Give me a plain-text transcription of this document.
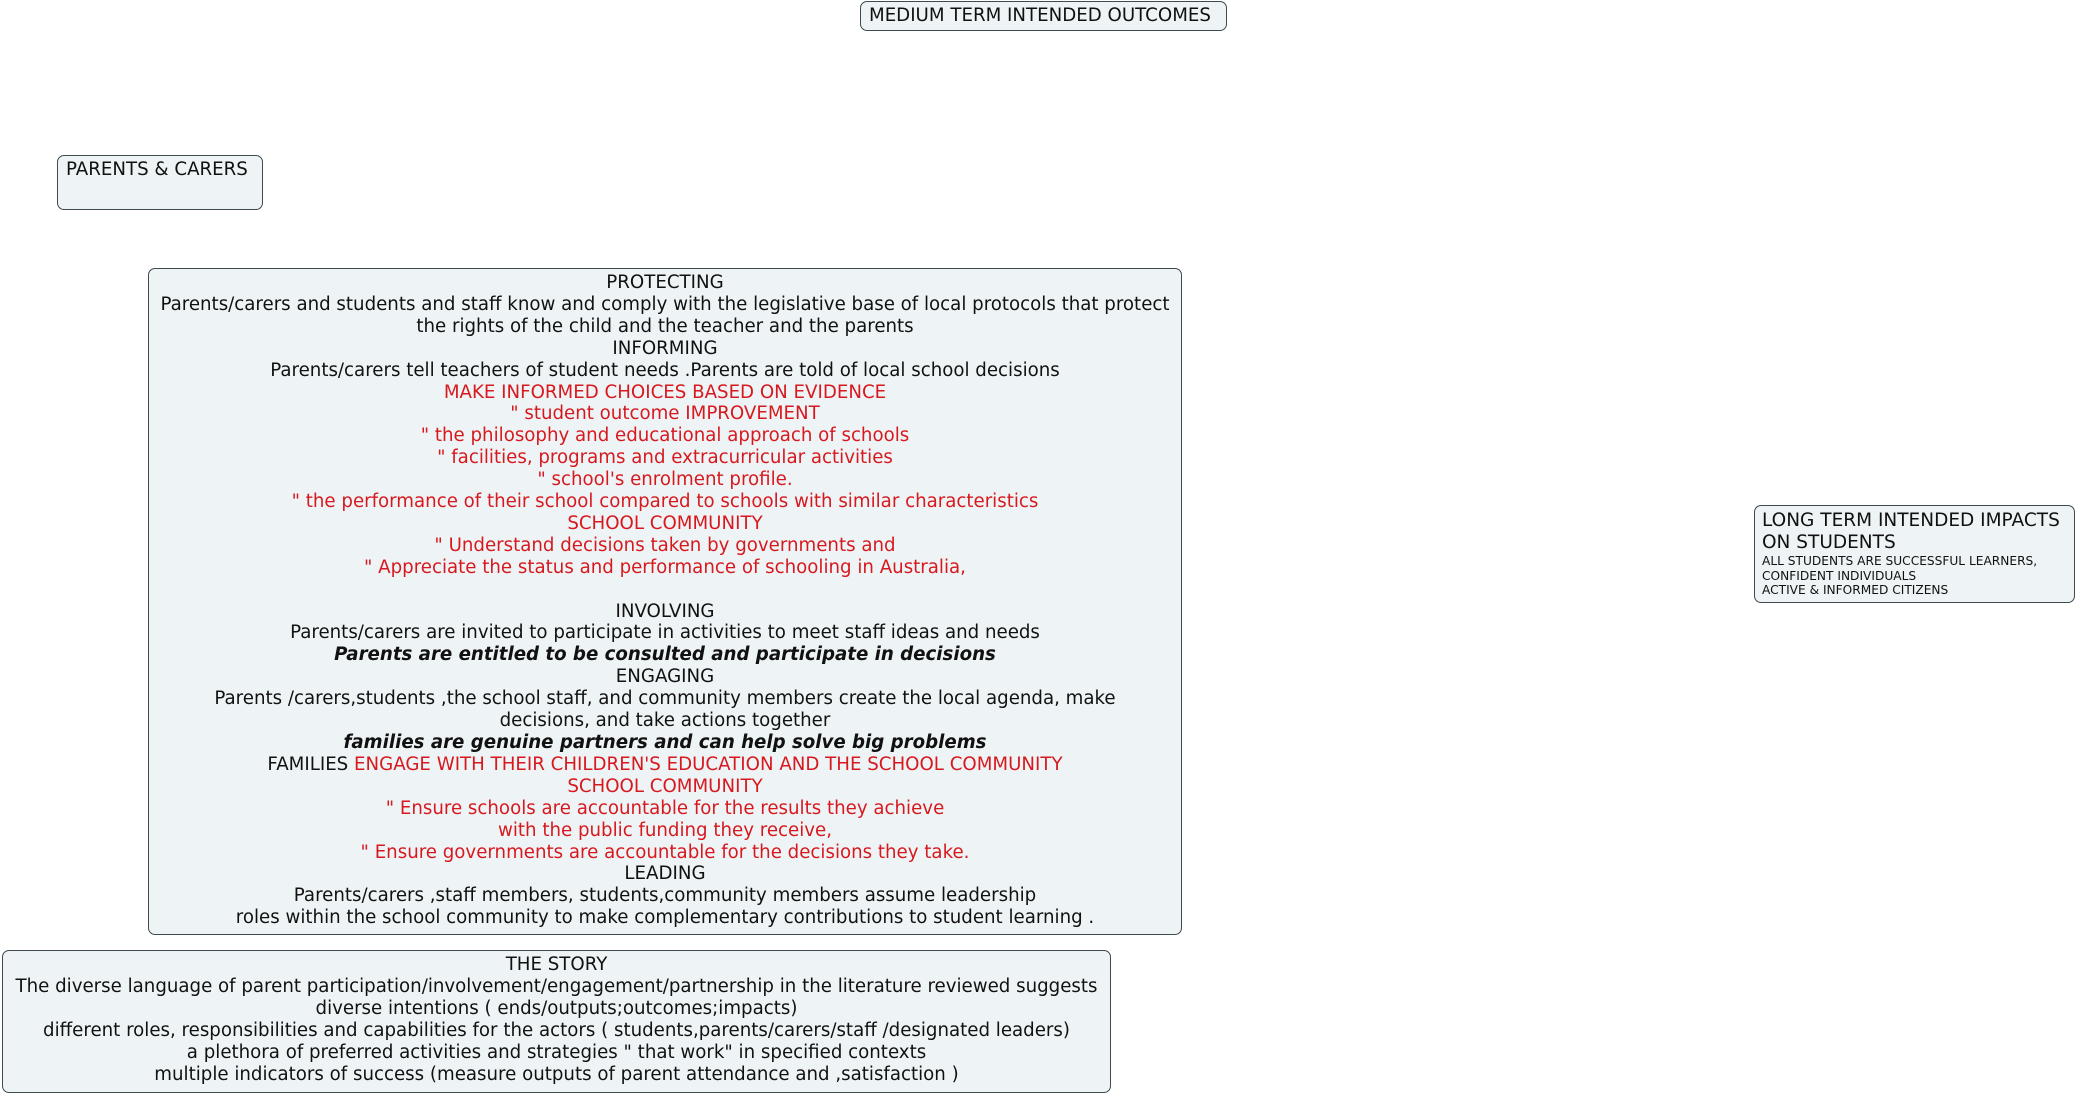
MEDIUM TERM INTENDED OUTCOMES
PARENTS & CARERS
LONG TERM INTENDED IMPACTS
ON STUDENTS
ALL STUDENTS ARE SUCCESSFUL LEARNERS,
CONFIDENT INDIVIDUALS
ACTIVE & INFORMED CITIZENS
PROTECTING
Parents/carers and students and staff know and comply with the legislative base of local protocols that protect
the rights of the child and the teacher and the parents
INFORMING
Parents/carers tell teachers of student needs .Parents are told of local school decisions
MAKE INFORMED CHOICES BASED ON EVIDENCE
" student outcome IMPROVEMENT
" the philosophy and educational approach of schools
" facilities, programs and extracurricular activities
" school's enrolment profile.
" the performance of their school compared to schools with similar characteristics
SCHOOL COMMUNITY
" Understand decisions taken by governments and
" Appreciate the status and performance of schooling in Australia,
INVOLVING
Parents/carers are invited to participate in activities to meet staff ideas and needs
Parents are entitled to be consulted and participate in decisions
ENGAGING
Parents /carers,students ,the school staff, and community members create the local agenda, make
decisions, and take actions together
families are genuine partners and can help solve big problems
FAMILIES ENGAGE WITH THEIR CHILDREN'S EDUCATION AND THE SCHOOL COMMUNITY
SCHOOL COMMUNITY
" Ensure schools are accountable for the results they achieve
with the public funding they receive,
" Ensure governments are accountable for the decisions they take.
LEADING
Parents/carers ,staff members, students,community members assume leadership
roles within the school community to make complementary contributions to student learning .
THE STORY
The diverse language of parent participation/involvement/engagement/partnership in the literature reviewed suggests
diverse intentions ( ends/outputs;outcomes;impacts)
different roles, responsibilities and capabilities for the actors ( students,parents/carers/staff /designated leaders)
a plethora of preferred activities and strategies " that work" in specified contexts
multiple indicators of success (measure outputs of parent attendance and ,satisfaction )
